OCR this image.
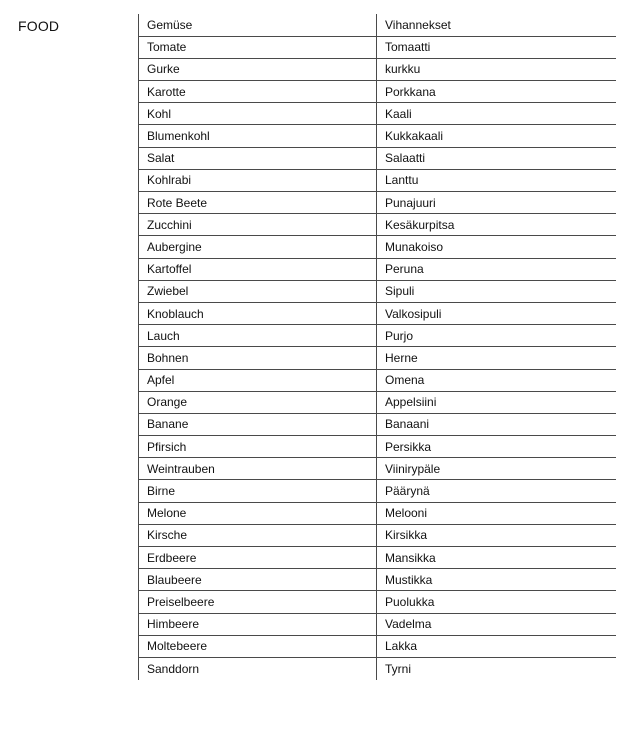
FOOD	Gemüse	Vihannekset
Tomate	Tomaatti
Gurke	kurkku
Karotte	Porkkana
Kohl	Kaali
Blumenkohl	Kukkakaali
Salat	Salaatti
Kohlrabi	Lanttu
Rote Beete	Punajuuri
Zucchini	Kesäkurpitsa
Aubergine	Munakoiso
Kartoffel	Peruna
Zwiebel	Sipuli
Knoblauch	Valkosipuli
Lauch	Purjo
Bohnen	Herne
Apfel	Omena
Orange	Appelsiini
Banane	Banaani
Pfirsich	Persikka
Weintrauben	Viinirypäle
Birne	Päärynä
Melone	Melooni
Kirsche	Kirsikka
Erdbeere	Mansikka
Blaubeere	Mustikka
Preiselbeere	Puolukka
Himbeere	Vadelma
Moltebeere	Lakka
Sanddorn	Tyrni
